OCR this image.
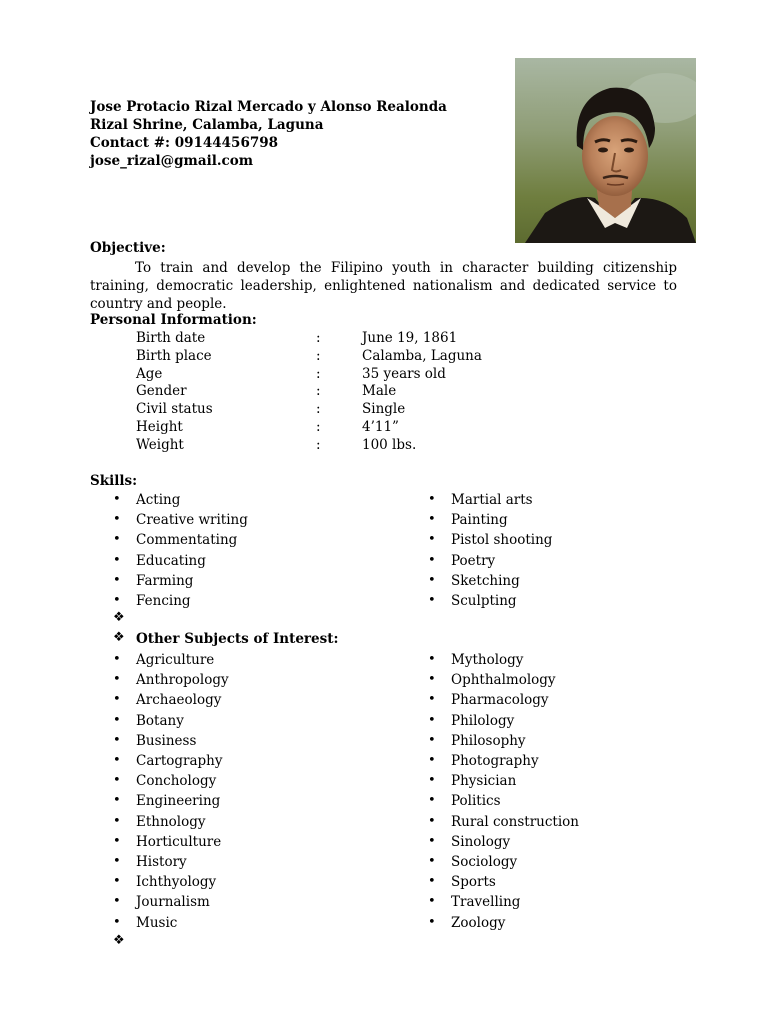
Jose Protacio Rizal Mercado y Alonso Realonda
Rizal Shrine, Calamba, Laguna
Contact #: 09144456798
jose_rizal@gmail.com
Objective:
To train and develop the Filipino youth in character building citizenship training, democratic leadership, enlightened nationalism and dedicated service to country and people.
Personal Information:
Birth date	:	June 19, 1861
Birth place	:	Calamba, Laguna
Age	:	35 years old
Gender	:	Male
Civil status	:	Single
Height	:	4’11”
Weight	:	100 lbs.
Skills:
• Acting
• Creative writing
• Commentating
• Educating
• Farming
• Fencing
• Martial arts
• Painting
• Pistol shooting
• Poetry
• Sketching
• Sculpting
❖
❖ Other Subjects of Interest:
• Agriculture
• Anthropology
• Archaeology
• Botany
• Business
• Cartography
• Conchology
• Engineering
• Ethnology
• Horticulture
• History
• Ichthyology
• Journalism
• Music
• Mythology
• Ophthalmology
• Pharmacology
• Philology
• Philosophy
• Photography
• Physician
• Politics
• Rural construction
• Sinology
• Sociology
• Sports
• Travelling
• Zoology
❖
